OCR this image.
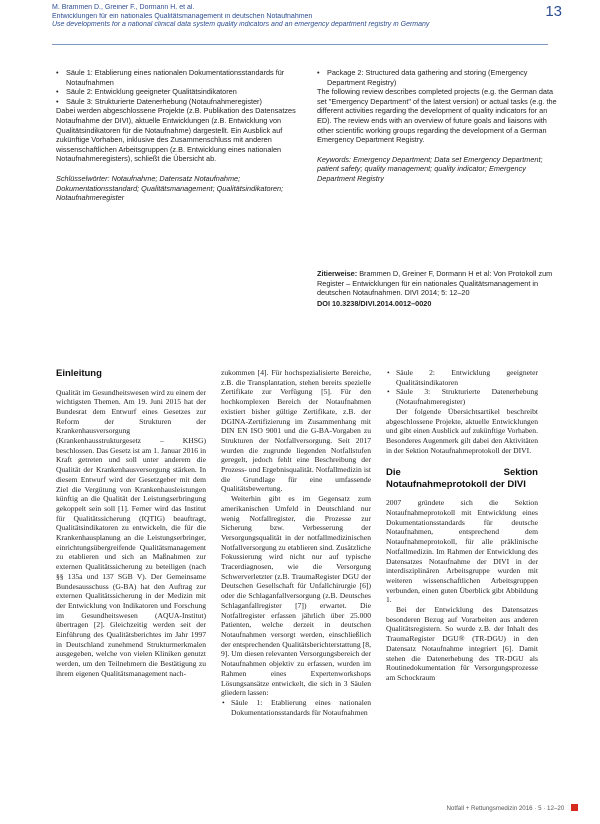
M. Brammen D., Greiner F., Dormann H. et al.
Entwicklungen für ein nationales Qualitätsmanagement in deutschen Notaufnahmen
Use developments for a national clinical data system quality indicators and an emergency department registry in Germany
13
• Säule 1: Etablierung eines nationalen Dokumentationsstandards für Notaufnahmen
• Säule 2: Entwicklung geeigneter Qualitätsindikatoren
• Säule 3: Strukturierte Datenerhebung (Notaufnahmeregister)

Dabei werden abgeschlossene Projekte (z.B. Publikation des Datensatzes Notaufnahme der DIVI), aktuelle Entwicklungen (z.B. Entwicklung von Qualitätsindikatoren für die Notaufnahme) dargestellt. Ein Ausblick auf zukünftige Vorhaben, inklusive des Zusammenschluss mit anderen wissenschaftlichen Arbeitsgruppen (z.B. Entwicklung eines nationalen Notaufnahmeregisters), schließt die Übersicht ab.

Schlüsselwörter: Notaufnahme; Datensatz Notaufnahme; Dokumentationsstandard; Qualitätsmanagement; Qualitätsindikatoren; Notaufnahmeregister

• Package 2: Structured data gathering and storing (Emergency Department Registry)

The following review describes completed projects (e.g. the German data set "Emergency Department" of the latest version) or actual tasks (e.g. the different activities regarding the development of quality indicators for an ED). The review ends with an overview of future goals and liaisons with other scientific working groups regarding the development of a German Emergency Department Registry.

Keywords: Emergency Department; Data set Emergency Department; patient safety; quality management; quality indicator; Emergency Department Registry

Zitierweise: Brammen D, Greiner F, Dormann H et al: Von Protokoll zum Register – Entwicklungen für ein nationales Qualitätsmanagement in deutschen Notaufnahmen. DIVI 2014; 5: 12–20

DOI 10.3238/DIVI.2014.0012–0020

Einleitung

Qualität im Gesundheitswesen wird zu einem der wichtigsten Themen. Am 19. Juni 2015 hat der Bundesrat dem Entwurf eines Gesetzes zur Reform der Strukturen der Krankenhausversorgung (Krankenhausstrukturgesetz – KHSG) beschlossen. Das Gesetz ist am 1. Januar 2016 in Kraft getreten und soll unter anderem die Qualität der Krankenhausversorgung stärken. In diesem Entwurf wird der Gesetzgeber mit dem Ziel die Vergütung von Krankenhausleistungen künftig an die Qualität der Leistungserbringung gekoppelt sein soll [1]. Ferner wird das Institut für Qualitätssicherung (IQTIG) beauftragt, Qualitätsindikatoren zu entwickeln, die für die Krankenhausplanung an die Leistungserbringer, einrichtungsübergreifende Qualitätsmanagement zu etablieren und sich an Maßnahmen zur externen Qualitätssicherung zu beteiligen (nach §§ 135a und 137 SGB V). Der Gemeinsame Bundesausschuss (G-BA) hat den Auftrag zur externen Qualitätssicherung in der Medizin mit der Entwicklung von Indikatoren und Forschung im Gesundheitswesen (AQUA-Institut) übertragen [2]. Gleichzeitig werden seit der Einführung des Qualitätsberichtes im Jahr 1997 in Deutschland zunehmend Strukturmerkmalen ausgegeben, welche von vielen Kliniken genutzt werden, um den Teilnehmern die Bestätigung zu ihrem eigenen Qualitätsmanagement nach-

zukommen [4]. Für hochspezialisierte Bereiche, z.B. die Transplantation, stehen bereits spezielle Zertifikate zur Verfügung [5]. Für den hochkomplexen Bereich der Notaufnahmen existiert bisher gültige Zertifikate, z.B. der DGINA-Zertifizierung im Zusammenhang mit DIN EN ISO 9001 und die G-BA-Vorgaben zu Strukturen der Notfallversorgung. Seit 2017 wurden die zugrunde liegenden Notfallstufen geregelt, jedoch fehlt eine Beschreibung der Prozess- und Ergebnisqualität. Notfallmedizin ist die Grundlage für eine umfassende Qualitätsbewertung.

Weiterhin gibt es im Gegensatz zum amerikanischen Umfeld in Deutschland nur wenig Notfallregister, die Prozesse zur Sicherung bzw. Verbesserung der Versorgungsqualität in der notfallmedizinischen Notfallversorgung zu etablieren sind. Zusätzliche Fokussierung wird nicht nur auf typische Tracerdiagnosen, wie die Versorgung Schwerverletzter (z.B. TraumaRegister DGU der Deutschen Gesellschaft für Unfallchirurgie [6]) oder die Schlaganfallversorgung (z.B. Deutsches Schlaganfallregister [7]) erwartet. Die Notfallregister erfassen jährlich über 25.000 Patienten, welche derzeit in deutschen Notaufnahmen versorgt werden, einschließlich der entsprechenden Qualitätsberichterstattung [8, 9]. Um diesen relevanten Versorgungsbereich der Notaufnahmen objektiv zu erfassen, wurden im Rahmen eines Expertenworkshops Lösungsansätze entwickelt, die sich in 3 Säulen gliedern lassen:

• Säule 1: Etablierung eines nationalen Dokumentationsstandards für Notaufnahmen

• Säule 2: Entwicklung geeigneter Qualitätsindikatoren

• Säule 3: Strukturierte Datenerhebung (Notaufnahmeregister)

Der folgende Übersichtsartikel beschreibt abgeschlossene Projekte, aktuelle Entwicklungen und gibt einen Ausblick auf zukünftige Vorhaben. Besonderes Augenmerk gilt dabei den Aktivitäten in der Sektion Notaufnahmeprotokoll der DIVI.

Die Sektion Notaufnahmeprotokoll der DIVI

2007 gründete sich die Sektion Notaufnahmeprotokoll mit Entwicklung eines Dokumentationsstandards für deutsche Notaufnahmen, entsprechend dem Notaufnahmeprotokoll, für alle präklinische Notfallmedizin. Im Rahmen der Entwicklung des Datensatzes Notaufnahme der DIVI in der interdisziplinären Arbeitsgruppe wurden mit weiteren wissenschaftlichen Arbeitsgruppen verbunden, einen guten Überblick gibt Abbildung 1.

Bei der Entwicklung des Datensatzes besonderen Bezug auf Vorarbeiten aus anderen Qualitätsregistern. So wurde z.B. der Inhalt des TraumaRegister DGU® (TR-DGU) in den Datensatz Notaufnahme integriert [6]. Damit stehen die Datenerhebung des TR-DGU als Routinedokumentation für Versorgungsprozesse am Schockraum

Notfall + Rettungsmedizin 2016 · 5 · 12–20
